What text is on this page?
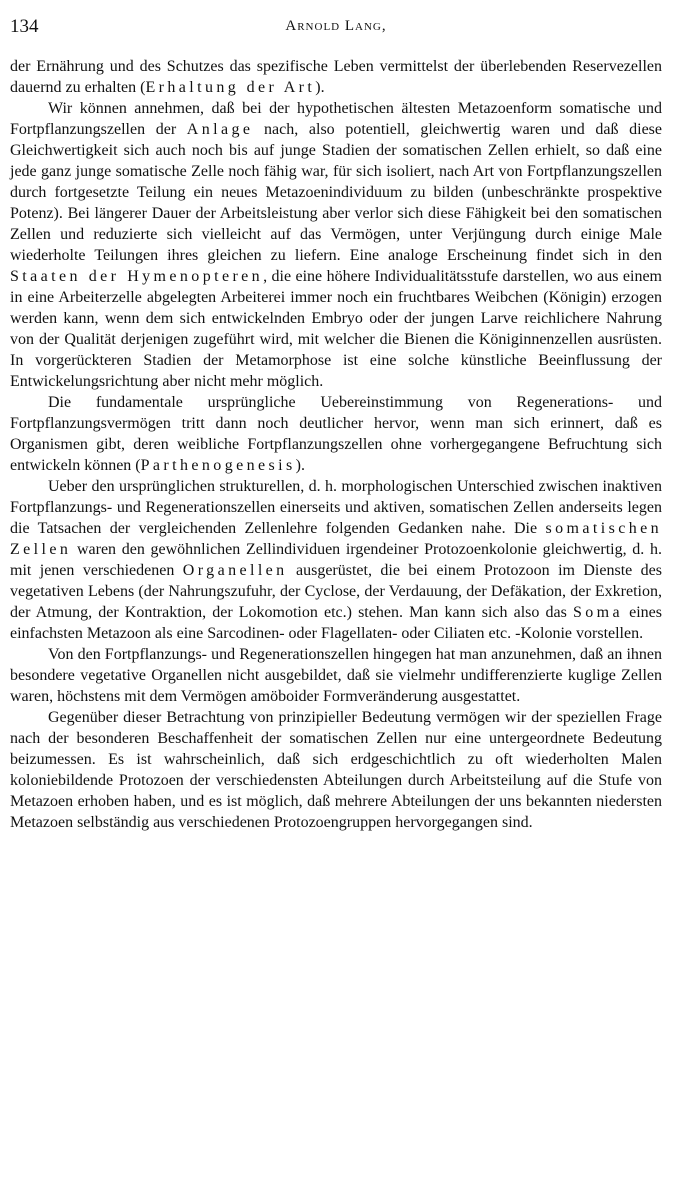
134	Arnold Lang,

der Ernährung und des Schutzes das spezifische Leben vermittelst der überlebenden Reservezellen dauernd zu erhalten (Erhaltung der Art).

Wir können annehmen, daß bei der hypothetischen ältesten Metazoenform somatische und Fortpflanzungszellen der Anlage nach, also potentiell, gleichwertig waren und daß diese Gleichwertigkeit sich auch noch bis auf junge Stadien der somatischen Zellen erhielt, so daß eine jede ganz junge somatische Zelle noch fähig war, für sich isoliert, nach Art von Fortpflanzungszellen durch fortgesetzte Teilung ein neues Metazoenindividuum zu bilden (unbeschränkte prospektive Potenz). Bei längerer Dauer der Arbeitsleistung aber verlor sich diese Fähigkeit bei den somatischen Zellen und reduzierte sich vielleicht auf das Vermögen, unter Verjüngung durch einige Male wiederholte Teilungen ihres gleichen zu liefern. Eine analoge Erscheinung findet sich in den Staaten der Hymenopteren, die eine höhere Individualitätsstufe darstellen, wo aus einem in eine Arbeiterzelle abgelegten Arbeiterei immer noch ein fruchtbares Weibchen (Königin) erzogen werden kann, wenn dem sich entwickelnden Embryo oder der jungen Larve reichlichere Nahrung von der Qualität derjenigen zugeführt wird, mit welcher die Bienen die Königinnenzellen ausrüsten. In vorgerückteren Stadien der Metamorphose ist eine solche künstliche Beeinflussung der Entwickelungsrichtung aber nicht mehr möglich.

Die fundamentale ursprüngliche Uebereinstimmung von Regenerations- und Fortpflanzungsvermögen tritt dann noch deutlicher hervor, wenn man sich erinnert, daß es Organismen gibt, deren weibliche Fortpflanzungszellen ohne vorhergegangene Befruchtung sich entwickeln können (Parthenogenesis).

Ueber den ursprünglichen strukturellen, d. h. morphologischen Unterschied zwischen inaktiven Fortpflanzungs- und Regenerationszellen einerseits und aktiven, somatischen Zellen anderseits legen die Tatsachen der vergleichenden Zellenlehre folgenden Gedanken nahe. Die somatischen Zellen waren den gewöhnlichen Zellindividuen irgendeiner Protozoenkolonie gleichwertig, d. h. mit jenen verschiedenen Organellen ausgerüstet, die bei einem Protozoon im Dienste des vegetativen Lebens (der Nahrungszufuhr, der Cyclose, der Verdauung, der Defäkation, der Exkretion, der Atmung, der Kontraktion, der Lokomotion etc.) stehen. Man kann sich also das Soma eines einfachsten Metazoon als eine Sarcodinen- oder Flagellaten- oder Ciliaten etc. -Kolonie vorstellen.

Von den Fortpflanzungs- und Regenerationszellen hingegen hat man anzunehmen, daß an ihnen besondere vegetative Organellen nicht ausgebildet, daß sie vielmehr undifferenzierte kuglige Zellen waren, höchstens mit dem Vermögen amöboider Formveränderung ausgestattet.

Gegenüber dieser Betrachtung von prinzipieller Bedeutung vermögen wir der speziellen Frage nach der besonderen Beschaffenheit der somatischen Zellen nur eine untergeordnete Bedeutung beizumessen. Es ist wahrscheinlich, daß sich erdgeschichtlich zu oft wiederholten Malen koloniebildende Protozoen der verschiedensten Abteilungen durch Arbeitsteilung auf die Stufe von Metazoen erhoben haben, und es ist möglich, daß mehrere Abteilungen der uns bekannten niedersten Metazoen selbständig aus verschiedenen Protozoengruppen hervorgegangen sind.
